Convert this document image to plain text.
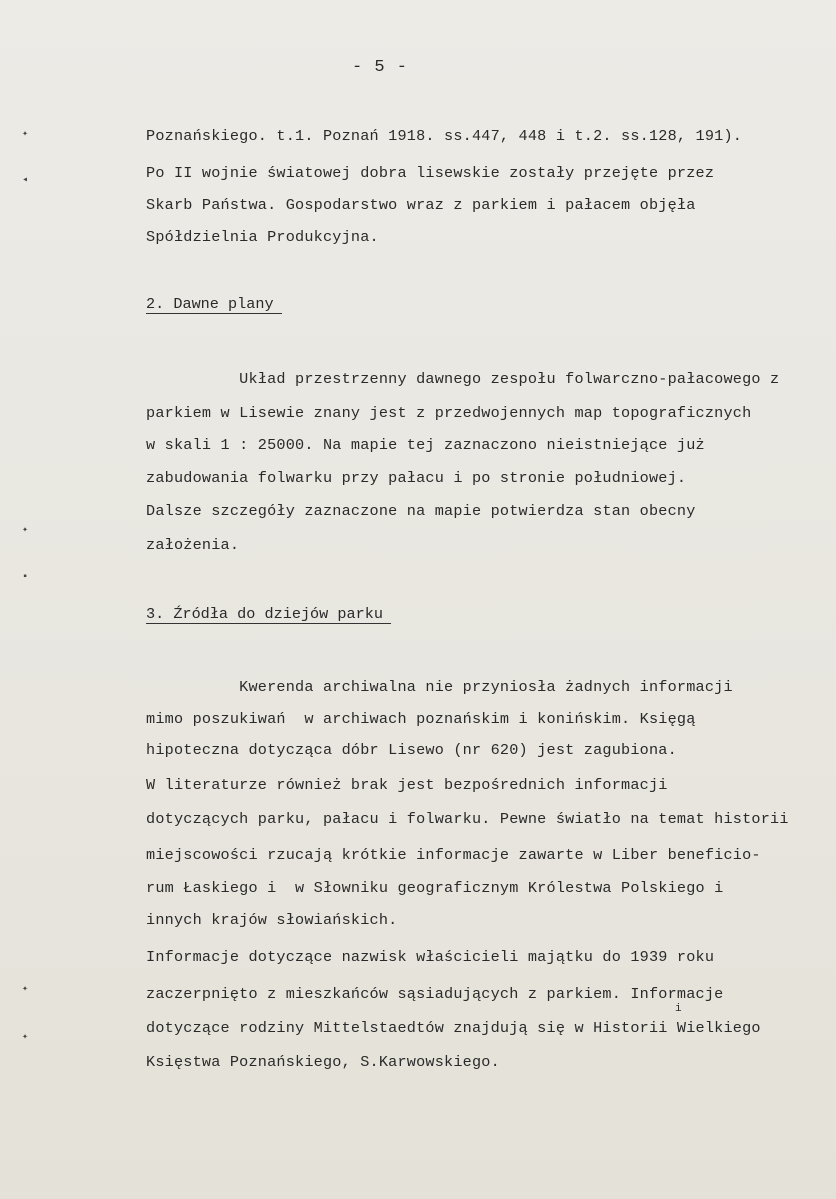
- 5 -
✦
◂
✦
▪
✦
✦
Poznańskiego. t.1. Poznań 1918. ss.447, 448 i t.2. ss.128, 191).
Po II wojnie światowej dobra lisewskie zostały przejęte przez
Skarb Państwa. Gospodarstwo wraz z parkiem i pałacem objęła
Spółdzielnia Produkcyjna.
2. Dawne plany
Układ przestrzenny dawnego zespołu folwarczno-pałacowego z
parkiem w Lisewie znany jest z przedwojennych map topograficznych
w skali 1 : 25000. Na mapie tej zaznaczono nieistniejące już
zabudowania folwarku przy pałacu i po stronie południowej.
Dalsze szczegóły zaznaczone na mapie potwierdza stan obecny
założenia.
3. Źródła do dziejów parku
Kwerenda archiwalna nie przyniosła żadnych informacji
mimo poszukiwań  w archiwach poznańskim i konińskim. Księgą
hipoteczna dotycząca dóbr Lisewo (nr 620) jest zagubiona.
W literaturze również brak jest bezpośrednich informacji
dotyczących parku, pałacu i folwarku. Pewne światło na temat historii
miejscowości rzucają krótkie informacje zawarte w Liber beneficio-
rum Łaskiego i  w Słowniku geograficznym Królestwa Polskiego i
innych krajów słowiańskich.
Informacje dotyczące nazwisk właścicieli majątku do 1939 roku
zaczerpnięto z mieszkańców sąsiadujących z parkiem. Informacje
dotyczące rodziny Mittelstaedtów znajdują się w Historii Wielkiego
Księstwa Poznańskiego, S.Karwowskiego.
i
